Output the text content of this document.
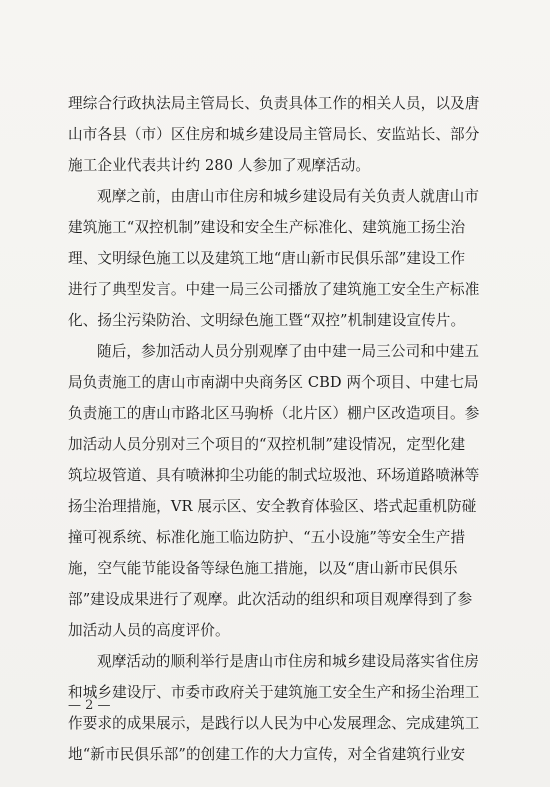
理综合行政执法局主管局长、负责具体工作的相关人员，以及唐
山市各县（市）区住房和城乡建设局主管局长、安监站长、部分
施工企业代表共计约 280 人参加了观摩活动。
观摩之前，由唐山市住房和城乡建设局有关负责人就唐山市
建筑施工“双控机制”建设和安全生产标准化、建筑施工扬尘治
理、文明绿色施工以及建筑工地“唐山新市民俱乐部”建设工作
进行了典型发言。中建一局三公司播放了建筑施工安全生产标准
化、扬尘污染防治、文明绿色施工暨“双控”机制建设宣传片。
随后，参加活动人员分别观摩了由中建一局三公司和中建五
局负责施工的唐山市南湖中央商务区 CBD 两个项目、中建七局
负责施工的唐山市路北区马驹桥（北片区）棚户区改造项目。参
加活动人员分别对三个项目的“双控机制”建设情况，定型化建
筑垃圾管道、具有喷淋抑尘功能的制式垃圾池、环场道路喷淋等
扬尘治理措施，VR 展示区、安全教育体验区、塔式起重机防碰
撞可视系统、标准化施工临边防护、“五小设施”等安全生产措
施，空气能节能设备等绿色施工措施，以及“唐山新市民俱乐
部”建设成果进行了观摩。此次活动的组织和项目观摩得到了参
加活动人员的高度评价。
观摩活动的顺利举行是唐山市住房和城乡建设局落实省住房
和城乡建设厅、市委市政府关于建筑施工安全生产和扬尘治理工
作要求的成果展示，是践行以人民为中心发展理念、完成建筑工
地“新市民俱乐部”的创建工作的大力宣传，对全省建筑行业安
— 2 —
